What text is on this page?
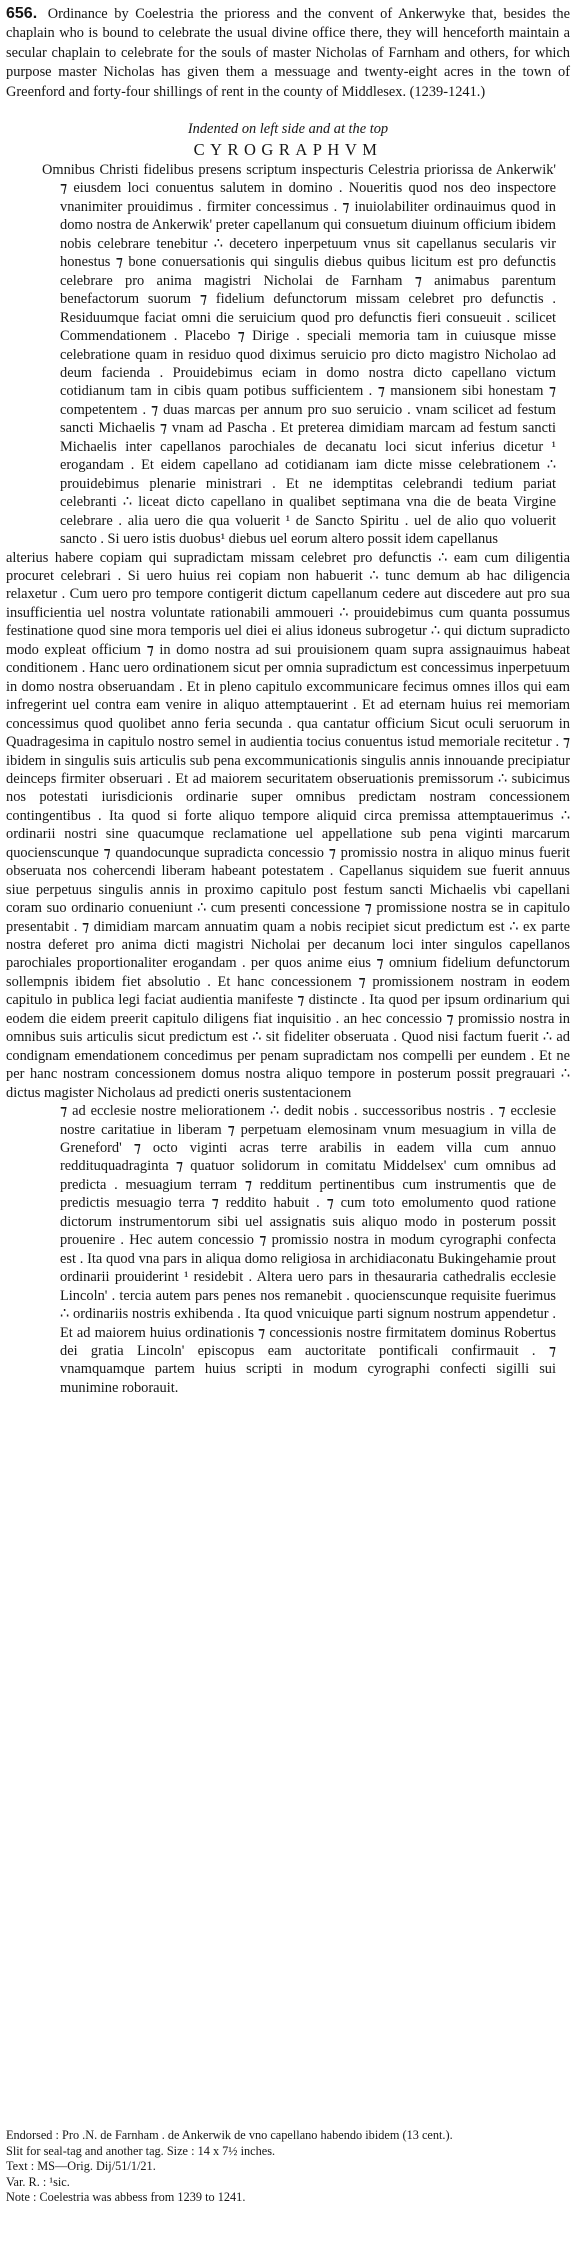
656. Ordinance by Coelestria the prioress and the convent of Ankerwyke that, besides the chaplain who is bound to celebrate the usual divine office there, they will henceforth maintain a secular chaplain to celebrate for the souls of master Nicholas of Farnham and others, for which purpose master Nicholas has given them a messuage and twenty-eight acres in the town of Greenford and forty-four shillings of rent in the county of Middlesex. (1239-1241.)
Indented on left side and at the top
CYROGRAPHVM

Omnibus Christi fidelibus presens scriptum inspecturis Celestria priorissa de Ankerwik' ⁊ eiusdem loci conuentus salutem in domino . Noueritis quod nos deo inspectore vnanimiter prouidimus . firmiter concessimus . ⁊ inuiolabiliter ordinauimus quod in domo nostra de Ankerwik' preter capellanum qui consuetum diuinum officium ibidem nobis celebrare tenebitur ∴ decetero inperpetuum vnus sit capellanus secularis vir honestus ⁊ bone conuersationis qui singulis diebus quibus licitum est pro defunctis celebrare pro anima magistri Nicholai de Farnham ⁊ animabus parentum benefactorum suorum ⁊ fidelium defunctorum missam celebret pro defunctis . Residuumque faciat omni die seruicium quod pro defunctis fieri consueuit . scilicet Commendationem . Placebo ⁊ Dirige . speciali memoria tam in cuiusque misse celebratione quam in residuo quod diximus seruicio pro dicto magistro Nicholao ad deum facienda . Prouidebimus eciam in domo nostra dicto capellano victum cotidianum tam in cibis quam potibus sufficientem . ⁊ mansionem sibi honestam ⁊ competentem . ⁊ duas marcas per annum pro suo seruicio . vnam scilicet ad festum sancti Michaelis ⁊ vnam ad Pascha . Et preterea dimidiam marcam ad festum sancti Michaelis inter capellanos parochiales de decanatu loci sicut inferius dicetur ¹ erogandam . Et eidem capellano ad cotidianam iam dicte misse celebrationem ∴ prouidebimus plenarie ministrari . Et ne idemptitas celebrandi tedium pariat celebranti ∴ liceat dicto capellano in qualibet septimana vna die de beata Virgine celebrare . alia uero die qua voluerit ¹ de Sancto Spiritu . uel de alio quo voluerit sancto . Si uero istis duobus¹ diebus uel eorum altero possit idem capellanus

alterius habere copiam qui supradictam missam celebret pro defunctis ∴ eam cum diligentia procuret celebrari . Si uero huius rei copiam non habuerit ∴ tunc demum ab hac diligencia relaxetur . Cum uero pro tempore contigerit dictum capellanum cedere aut discedere aut pro sua insufficientia uel nostra voluntate rationabili ammoueri ∴ prouidebimus cum quanta possumus festinatione quod sine mora temporis uel diei ei alius idoneus subrogetur ∴ qui dictum supradicto modo expleat officium ⁊ in domo nostra ad sui prouisionem quam supra assignauimus habeat conditionem . Hanc uero ordinationem sicut per omnia supradictum est concessimus inperpetuum in domo nostra obseruandam . Et in pleno capitulo excommunicare fecimus omnes illos qui eam infregerint uel contra eam venire in aliquo attemptauerint . Et ad eternam huius rei memoriam concessimus quod quolibet anno feria secunda . qua cantatur officium Sicut oculi seruorum in Quadragesima in capitulo nostro semel in audientia tocius conuentus istud memoriale recitetur . ⁊ ibidem in singulis suis articulis sub pena excommunicationis singulis annis innouande precipiatur deinceps firmiter obseruari . Et ad maiorem securitatem obseruationis premissorum ∴ subicimus nos potestati iurisdicionis ordinarie super omnibus predictam nostram concessionem contingentibus . Ita quod si forte aliquo tempore aliquid circa premissa attemptauerimus ∴ ordinarii nostri sine quacumque reclamatione uel appellatione sub pena viginti marcarum quocienscunque ⁊ quandocunque supradicta concessio ⁊ promissio nostra in aliquo minus fuerit obseruata nos cohercendi liberam habeant potestatem . Capellanus siquidem sue fuerit annuus siue perpetuus singulis annis in proximo capitulo post festum sancti Michaelis vbi capellani coram suo ordinario conueniunt ∴ cum presenti concessione ⁊ promissione nostra se in capitulo presentabit . ⁊ dimidiam marcam annuatim quam a nobis recipiet sicut predictum est ∴ ex parte nostra deferet pro anima dicti magistri Nicholai per decanum loci inter singulos capellanos parochiales proportionaliter erogandam . per quos anime eius ⁊ omnium fidelium defunctorum sollempnis ibidem fiet absolutio . Et hanc concessionem ⁊ promissionem nostram in eodem capitulo in publica legi faciat audientia manifeste ⁊ distincte . Ita quod per ipsum ordinarium qui eodem die eidem preerit capitulo diligens fiat inquisitio . an hec concessio ⁊ promissio nostra in omnibus suis articulis sicut predictum est ∴ sit fideliter obseruata . Quod nisi factum fuerit ∴ ad condignam emendationem concedimus per penam supradictam nos compelli per eundem . Et ne per hanc nostram concessionem domus nostra aliquo tempore in posterum possit pregrauari ∴ dictus magister Nicholaus ad predicti oneris sustentacionem

⁊ ad ecclesie nostre meliorationem ∴ dedit nobis . successoribus nostris . ⁊ ecclesie nostre caritatiue in liberam ⁊ perpetuam elemosinam vnum mesuagium in villa de Greneford' ⁊ octo viginti acras terre arabilis in eadem villa cum annuo reddituquadraginta ⁊ quatuor solidorum in comitatu Middelsex' cum omnibus ad predicta . mesuagium terram ⁊ redditum pertinentibus cum instrumentis que de predictis mesuagio terra ⁊ reddito habuit . ⁊ cum toto emolumento quod ratione dictorum instrumentorum sibi uel assignatis suis aliquo modo in posterum possit prouenire . Hec autem concessio ⁊ promissio nostra in modum cyrographi confecta est . Ita quod vna pars in aliqua domo religiosa in archidiaconatu Bukingehamie prout ordinarii prouiderint ¹ residebit . Altera uero pars in thesauraria cathedralis ecclesie Lincoln' . tercia autem pars penes nos remanebit . quocienscunque requisite fuerimus ∴ ordinariis nostris exhibenda . Ita quod vnicuique parti signum nostrum appendetur . Et ad maiorem huius ordinationis ⁊ concessionis nostre firmitatem dominus Robertus dei gratia Lincoln' episcopus eam auctoritate pontificali confirmauit . ⁊ vnamquamque partem huius scripti in modum cyrographi confecti sigilli sui munimine roborauit.

Endorsed : Pro .N. de Farnham . de Ankerwik de vno capellano habendo ibidem (13 cent.).
Slit for seal-tag and another tag. Size : 14 x 7½ inches.
Text : MS—Orig. Dij/51/1/21.
Var. R. : ¹sic.
Note : Coelestria was abbess from 1239 to 1241.
